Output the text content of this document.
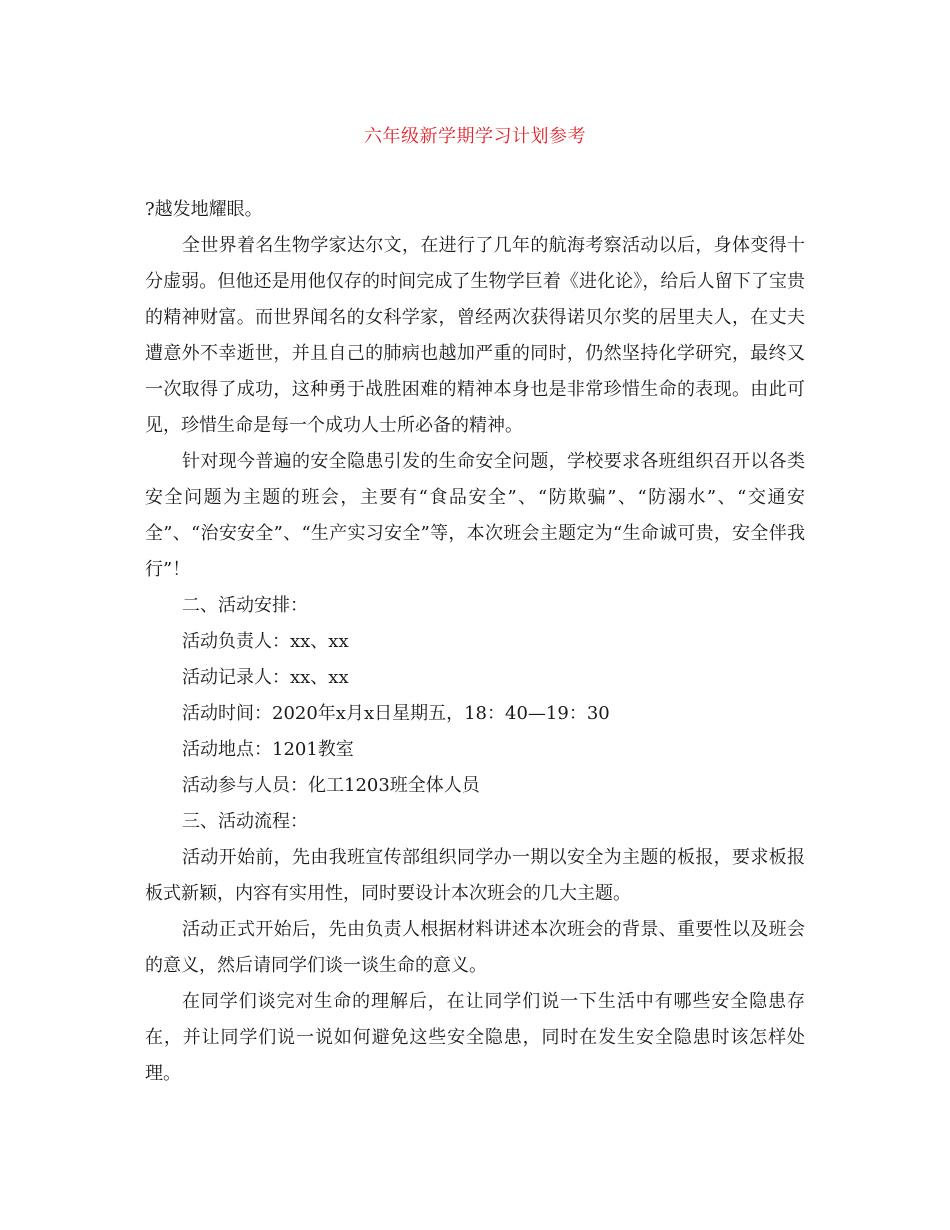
六年级新学期学习计划参考

?越发地耀眼。

全世界着名生物学家达尔文，在进行了几年的航海考察活动以后，身体变得十分虚弱。但他还是用他仅存的时间完成了生物学巨着《进化论》，给后人留下了宝贵的精神财富。而世界闻名的女科学家，曾经两次获得诺贝尔奖的居里夫人，在丈夫遭意外不幸逝世，并且自己的肺病也越加严重的同时，仍然坚持化学研究，最终又一次取得了成功，这种勇于战胜困难的精神本身也是非常珍惜生命的表现。由此可见，珍惜生命是每一个成功人士所必备的精神。

针对现今普遍的安全隐患引发的生命安全问题，学校要求各班组织召开以各类安全问题为主题的班会，主要有“食品安全”、“防欺骗”、“防溺水”、“交通安全”、“治安安全”、“生产实习安全”等，本次班会主题定为“生命诚可贵，安全伴我行”！

二、活动安排：

活动负责人：xx、xx

活动记录人：xx、xx

活动时间：2020年x月x日星期五，18：40—19：30

活动地点：1201教室

活动参与人员：化工1203班全体人员

三、活动流程：

活动开始前，先由我班宣传部组织同学办一期以安全为主题的板报，要求板报板式新颖，内容有实用性，同时要设计本次班会的几大主题。

活动正式开始后，先由负责人根据材料讲述本次班会的背景、重要性以及班会的意义，然后请同学们谈一谈生命的意义。

在同学们谈完对生命的理解后，在让同学们说一下生活中有哪些安全隐患存在，并让同学们说一说如何避免这些安全隐患，同时在发生安全隐患时该怎样处理。
